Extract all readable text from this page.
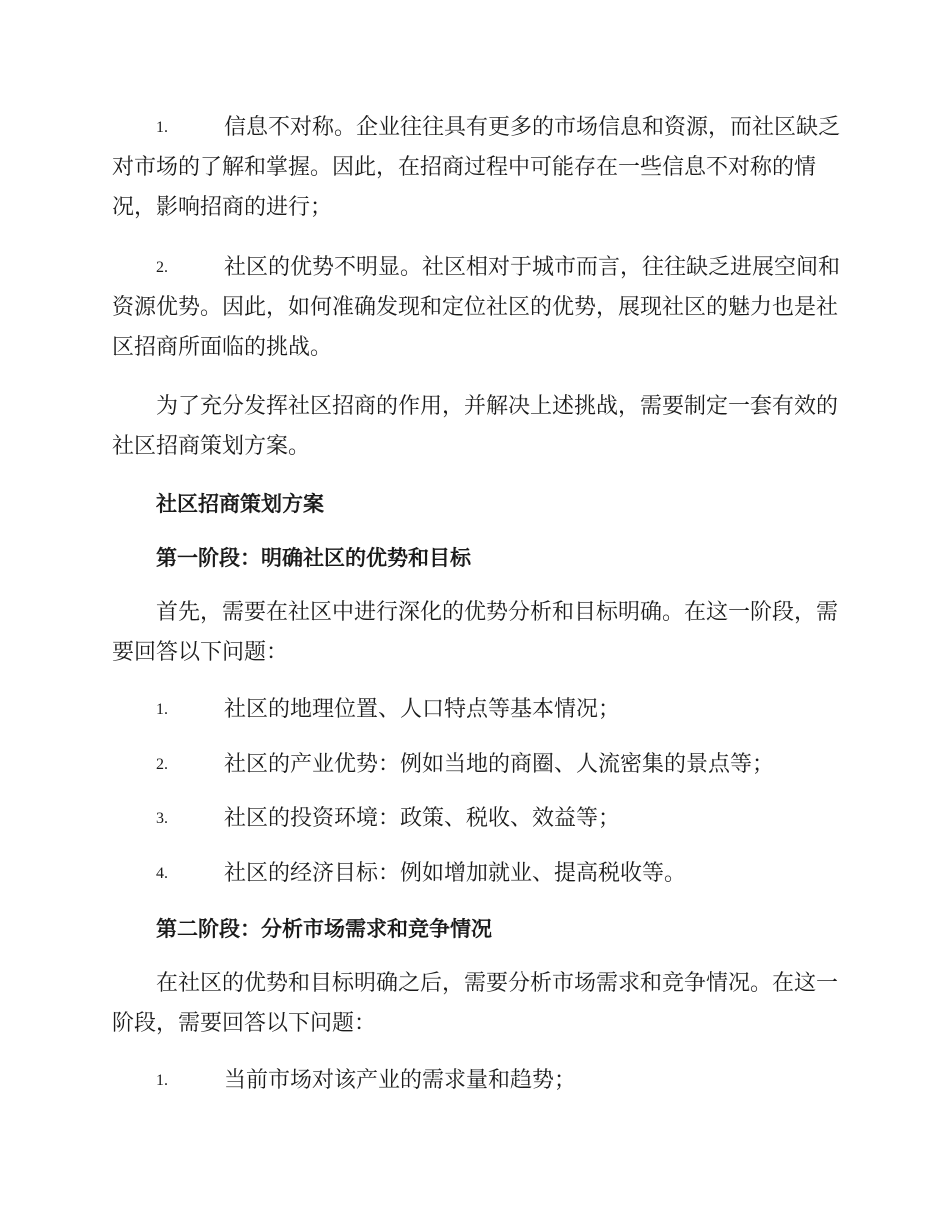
1.	信息不对称。企业往往具有更多的市场信息和资源，而社区缺乏
对市场的了解和掌握。因此，在招商过程中可能存在一些信息不对称的情
况，影响招商的进行；
2.	社区的优势不明显。社区相对于城市而言，往往缺乏进展空间和
资源优势。因此，如何准确发现和定位社区的优势，展现社区的魅力也是社
区招商所面临的挑战。
为了充分发挥社区招商的作用，并解决上述挑战，需要制定一套有效的
社区招商策划方案。
社区招商策划方案
第一阶段：明确社区的优势和目标
首先，需要在社区中进行深化的优势分析和目标明确。在这一阶段，需
要回答以下问题：
1.	社区的地理位置、人口特点等基本情况；
2.	社区的产业优势：例如当地的商圈、人流密集的景点等；
3.	社区的投资环境：政策、税收、效益等；
4.	社区的经济目标：例如增加就业、提高税收等。
第二阶段：分析市场需求和竞争情况
在社区的优势和目标明确之后，需要分析市场需求和竞争情况。在这一
阶段，需要回答以下问题：
1.	当前市场对该产业的需求量和趋势；
